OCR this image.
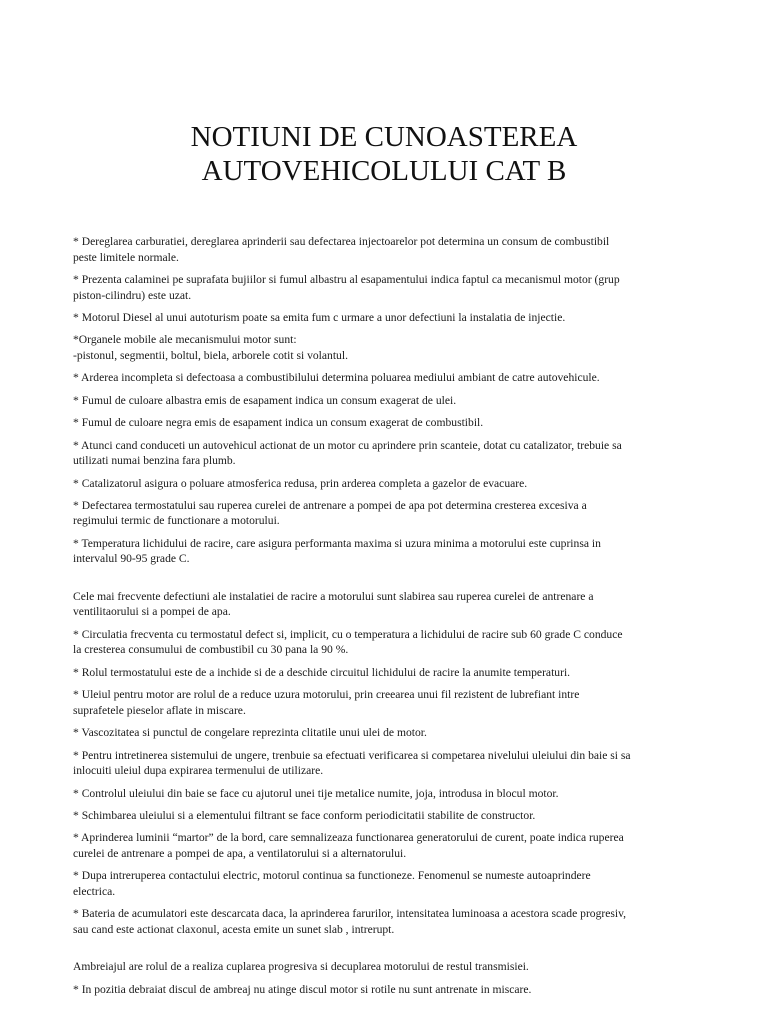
NOTIUNI DE CUNOASTEREA
AUTOVEHICOLULUI CAT B
* Dereglarea carburatiei, dereglarea aprinderii sau defectarea injectoarelor pot determina un consum de combustibil
peste limitele normale.
* Prezenta calaminei pe suprafata bujiilor si fumul albastru al esapamentului indica faptul ca mecanismul motor (grup
piston-cilindru) este uzat.
* Motorul Diesel al unui autoturism poate sa emita fum c urmare a unor defectiuni la instalatia de injectie.
*Organele mobile ale mecanismului motor sunt:
-pistonul, segmentii, boltul, biela, arborele cotit si volantul.
* Arderea incompleta si defectoasa a combustibilului determina poluarea mediului ambiant de catre autovehicule.
* Fumul de culoare albastra emis de esapament indica un consum exagerat de ulei.
* Fumul de culoare negra emis de esapament indica un consum exagerat de combustibil.
* Atunci cand conduceti un autovehicul actionat de un motor cu aprindere prin scanteie, dotat cu catalizator, trebuie sa
utilizati numai benzina fara plumb.
* Catalizatorul asigura o poluare atmosferica redusa, prin arderea completa a gazelor de evacuare.
* Defectarea termostatului sau ruperea curelei de antrenare a pompei de apa pot determina cresterea excesiva a
regimului termic de functionare a motorului.
* Temperatura lichidului de racire, care asigura performanta maxima si uzura minima a motorului este cuprinsa in
intervalul 90-95 grade C.
Cele mai frecvente defectiuni ale instalatiei de racire a motorului sunt slabirea sau ruperea curelei de antrenare a
ventilitaorului si a pompei de apa.
* Circulatia frecventa cu termostatul defect si, implicit, cu o temperatura a lichidului de racire sub 60 grade C conduce
la cresterea consumului de combustibil cu 30 pana la 90 %.
* Rolul termostatului este de a inchide si de a deschide circuitul lichidului de racire la anumite temperaturi.
* Uleiul pentru motor are rolul de a reduce uzura motorului, prin creearea unui fil rezistent de lubrefiant intre
suprafetele pieselor aflate in miscare.
* Vascozitatea si punctul de congelare reprezinta clitatile unui ulei de motor.
* Pentru intretinerea sistemului de ungere, trenbuie sa efectuati verificarea si competarea nivelului uleiului din baie si sa
inlocuiti uleiul dupa expirarea termenului de utilizare.
* Controlul uleiului din baie se face cu ajutorul unei tije metalice numite, joja, introdusa in blocul motor.
* Schimbarea uleiului si a elementului filtrant se face conform periodicitatii stabilite de constructor.
* Aprinderea luminii “martor” de la bord, care semnalizeaza functionarea generatorului de curent, poate indica ruperea
curelei de antrenare a pompei de apa, a ventilatorului si a alternatorului.
* Dupa intreruperea contactului electric, motorul continua sa functioneze. Fenomenul se numeste autoaprindere
electrica.
* Bateria de acumulatori este descarcata daca, la aprinderea farurilor, intensitatea luminoasa a acestora scade progresiv,
sau cand este actionat claxonul, acesta emite un sunet slab , intrerupt.
Ambreiajul are rolul de a realiza cuplarea progresiva si decuplarea motorului de restul transmisiei.
* In pozitia debraiat discul de ambreaj nu atinge discul motor si rotile nu sunt antrenate in miscare.
